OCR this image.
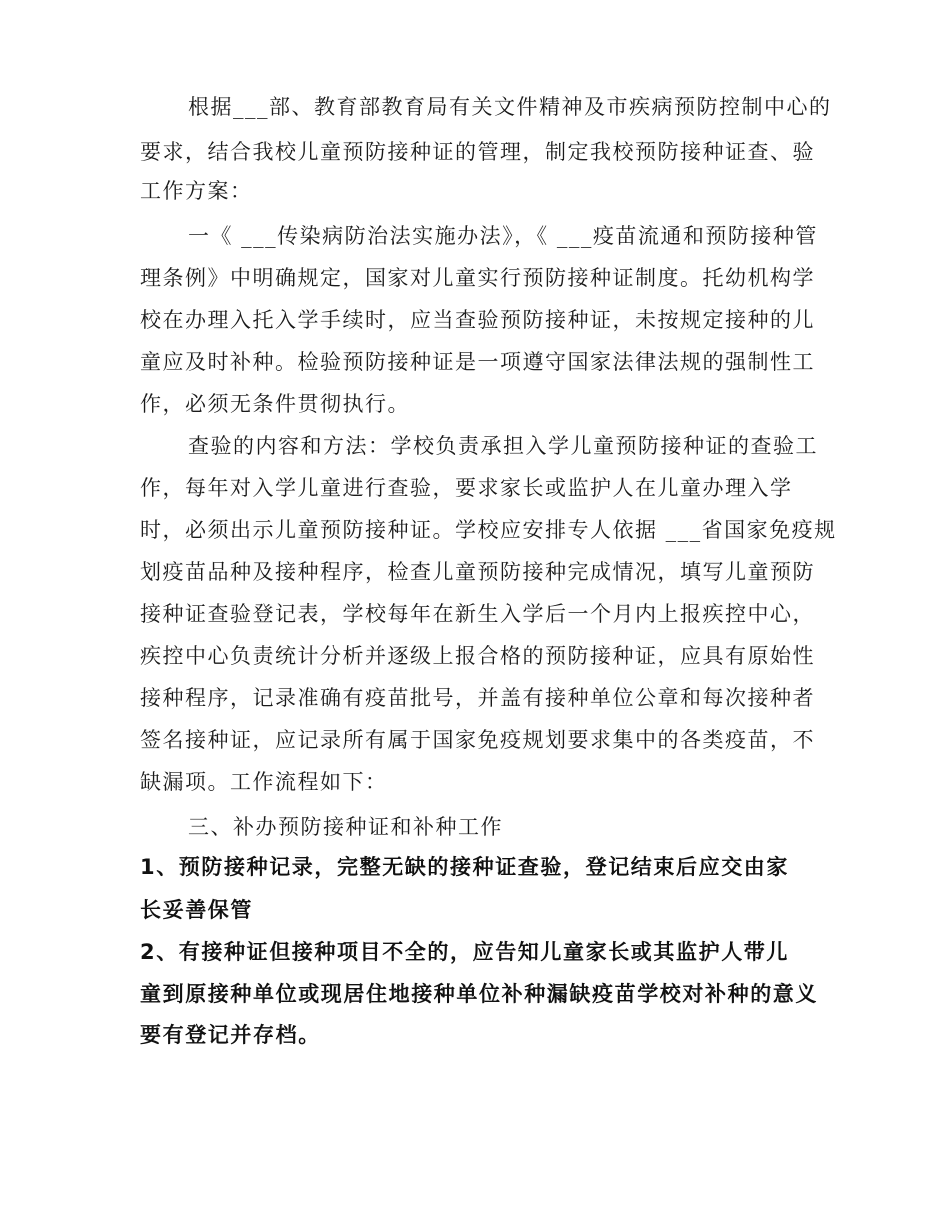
根据___部、教育部教育局有关文件精神及市疾病预防控制中心的
要求，结合我校儿童预防接种证的管理，制定我校预防接种证查、验
工作方案：
一《 ___传染病防治法实施办法》，《 ___疫苗流通和预防接种管
理条例》中明确规定，国家对儿童实行预防接种证制度。托幼机构学
校在办理入托入学手续时，应当查验预防接种证，未按规定接种的儿
童应及时补种。检验预防接种证是一项遵守国家法律法规的强制性工
作，必须无条件贯彻执行。
查验的内容和方法：学校负责承担入学儿童预防接种证的查验工
作，每年对入学儿童进行查验，要求家长或监护人在儿童办理入学
时，必须出示儿童预防接种证。学校应安排专人依据 ___省国家免疫规
划疫苗品种及接种程序，检查儿童预防接种完成情况，填写儿童预防
接种证查验登记表，学校每年在新生入学后一个月内上报疾控中心，
疾控中心负责统计分析并逐级上报合格的预防接种证，应具有原始性
接种程序，记录准确有疫苗批号，并盖有接种单位公章和每次接种者
签名接种证，应记录所有属于国家免疫规划要求集中的各类疫苗，不
缺漏项。工作流程如下：
三、补办预防接种证和补种工作
1、预防接种记录，完整无缺的接种证查验，登记结束后应交由家
长妥善保管
2、有接种证但接种项目不全的，应告知儿童家长或其监护人带儿
童到原接种单位或现居住地接种单位补种漏缺疫苗学校对补种的意义
要有登记并存档。
